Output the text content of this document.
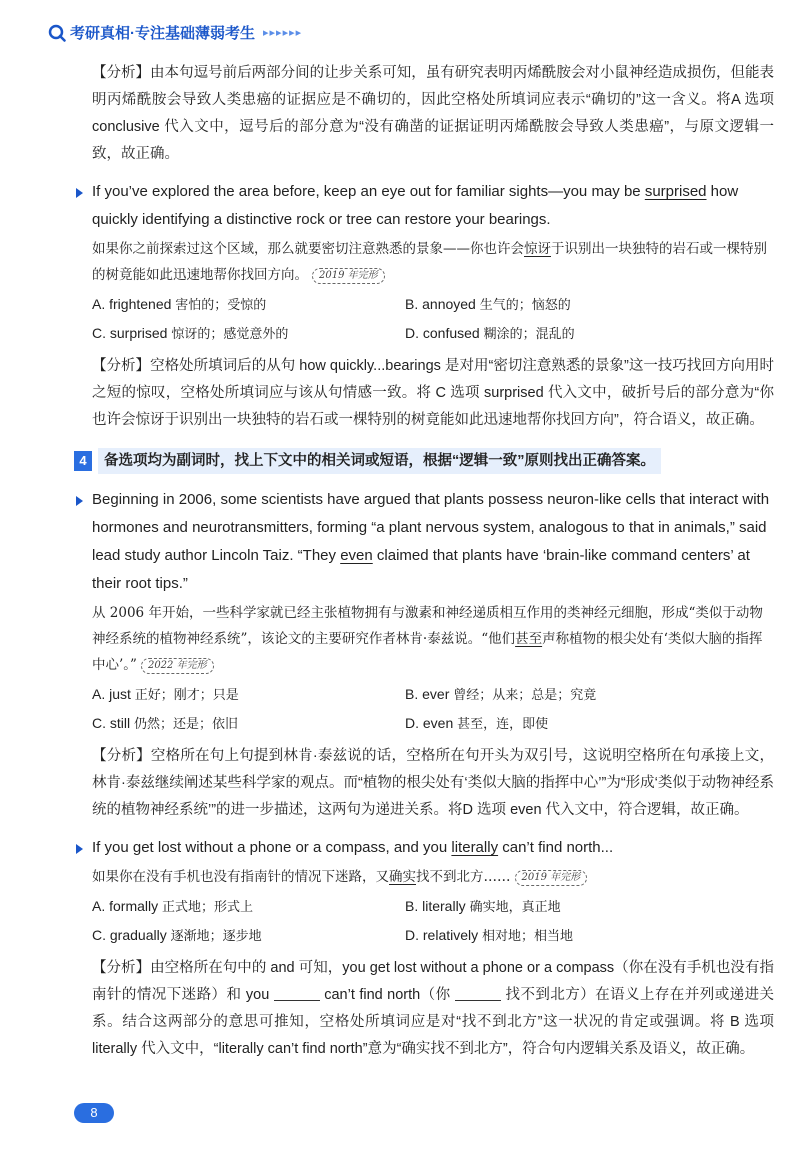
考研真相·专注基础薄弱考生 ▸▸▸▸▸▸

【分析】由本句逗号前后两部分间的让步关系可知，虽有研究表明丙烯酰胺会对小鼠神经造成损伤，但能表明丙烯酰胺会导致人类患癌的证据应是不确切的，因此空格处所填词应表示“确切的”这一含义。将A 选项 conclusive 代入文中，逗号后的部分意为“没有确凿的证据证明丙烯酰胺会导致人类患癌”，与原文逻辑一致，故正确。

If you’ve explored the area before, keep an eye out for familiar sights—you may be surprised how quickly identifying a distinctive rock or tree can restore your bearings.

如果你之前探索过这个区域，那么就要密切注意熟悉的景象——你也许会惊讶于识别出一块独特的岩石或一棵特别的树竟能如此迅速地帮你找回方向。 2019 年完形

A. frightened 害怕的；受惊的	B. annoyed 生气的；恼怒的
C. surprised 惊讶的；感觉意外的	D. confused 糊涂的；混乱的

【分析】空格处所填词后的从句 how quickly...bearings 是对用“密切注意熟悉的景象”这一技巧找回方向用时之短的惊叹，空格处所填词应与该从句情感一致。将 C 选项 surprised 代入文中，破折号后的部分意为“你也许会惊讶于识别出一块独特的岩石或一棵特别的树竟能如此迅速地帮你找回方向”，符合语义，故正确。

4	备选项均为副词时，找上下文中的相关词或短语，根据“逻辑一致”原则找出正确答案。

Beginning in 2006, some scientists have argued that plants possess neuron-like cells that interact with hormones and neurotransmitters, forming “a plant nervous system, analogous to that in animals,” said lead study author Lincoln Taiz. “They even claimed that plants have ‘brain-like command centers’ at their root tips.”

从 2006 年开始，一些科学家就已经主张植物拥有与激素和神经递质相互作用的类神经元细胞，形成“类似于动物神经系统的植物神经系统”，该论文的主要研究作者林肯·泰兹说。“他们甚至声称植物的根尖处有‘类似大脑的指挥中心’。” 2022 年完形

A. just 正好；刚才；只是	B. ever 曾经；从来；总是；究竟
C. still 仍然；还是；依旧	D. even 甚至，连，即使

【分析】空格所在句上句提到林肯·泰兹说的话，空格所在句开头为双引号，这说明空格所在句承接上文，林肯·泰兹继续阐述某些科学家的观点。而“植物的根尖处有‘类似大脑的指挥中心’”为“形成‘类似于动物神经系统的植物神经系统’”的进一步描述，这两句为递进关系。将D 选项 even 代入文中，符合逻辑，故正确。

If you get lost without a phone or a compass, and you literally can’t find north...

如果你在没有手机也没有指南针的情况下迷路，又确实找不到北方…… 2019 年完形

A. formally 正式地；形式上	B. literally 确实地，真正地
C. gradually 逐渐地；逐步地	D. relatively 相对地；相当地

【分析】由空格所在句中的 and 可知，you get lost without a phone or a compass（你在没有手机也没有指南针的情况下迷路）和 you	can’t find north（你	找不到北方）在语义上存在并列或递进关系。结合这两部分的意思可推知，空格处所填词应是对“找不到北方”这一状况的肯定或强调。将 B 选项 literally 代入文中，“literally can’t find north”意为“确实找不到北方”，符合句内逻辑关系及语义，故正确。

8
